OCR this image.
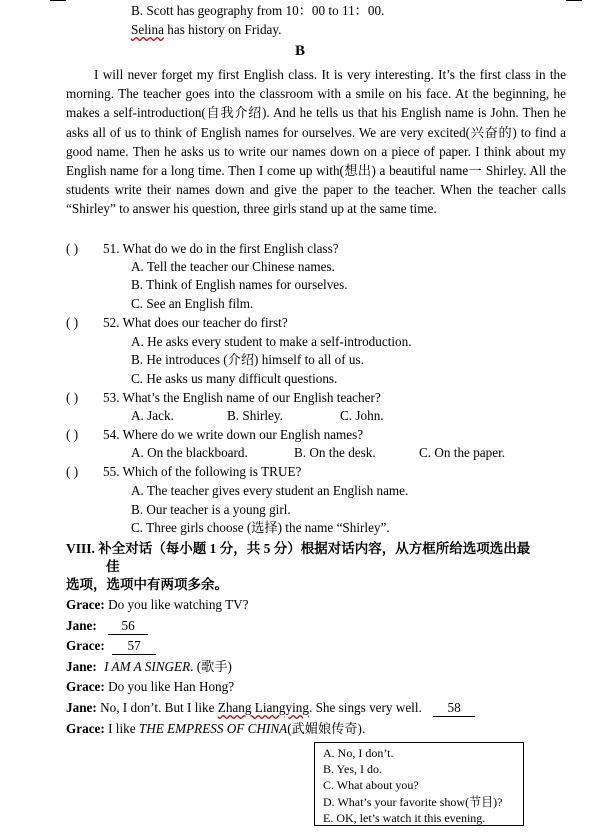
B. Scott has geography from 10：00 to 11：00.
Selina has history on Friday.
B

I will never forget my first English class. It is very interesting. It’s the first class in the morning. The teacher goes into the classroom with a smile on his face. At the beginning, he makes a self-introduction(自我介绍). And he tells us that his English name is John. Then he asks all of us to think of English names for ourselves. We are very excited(兴奋的) to find a good name. Then he asks us to write our names down on a piece of paper. I think about my English name for a long time. Then I come up with(想出) a beautiful name一 Shirley. All the students write their names down and give the paper to the teacher. When the teacher calls “Shirley” to answer his question, three girls stand up at the same time.

( ) 51. What do we do in the first English class?
A. Tell the teacher our Chinese names.
B. Think of English names for ourselves.
C. See an English film.
( ) 52. What does our teacher do first?
A. He asks every student to make a self-introduction.
B. He introduces (介绍) himself to all of us.
C. He asks us many difficult questions.
( ) 53. What’s the English name of our English teacher?
A. Jack.	B. Shirley.	C. John.
( ) 54. Where do we write down our English names?
A. On the blackboard.	B. On the desk.	C. On the paper.
( ) 55. Which of the following is TRUE?
A. The teacher gives every student an English name.
B. Our teacher is a young girl.
C. Three girls choose (选择) the name “Shirley”.
VIII. 补全对话（每小题 1 分，共 5 分）根据对话内容，从方框所给选项选出最
佳
选项，选项中有两项多余。
Grace: Do you like watching TV?
Jane: 56
Grace: 57
Jane: I AM A SINGER. (歌手)
Grace: Do you like Han Hong?
Jane: No, I don’t. But I like Zhang Liangying. She sings very well. 58
Grace: I like THE EMPRESS OF CHINA(武媚娘传奇).
A. No, I don’t.
B. Yes, I do.
C. What about you?
D. What’s your favorite show(节目)?
E. OK, let’s watch it this evening.
